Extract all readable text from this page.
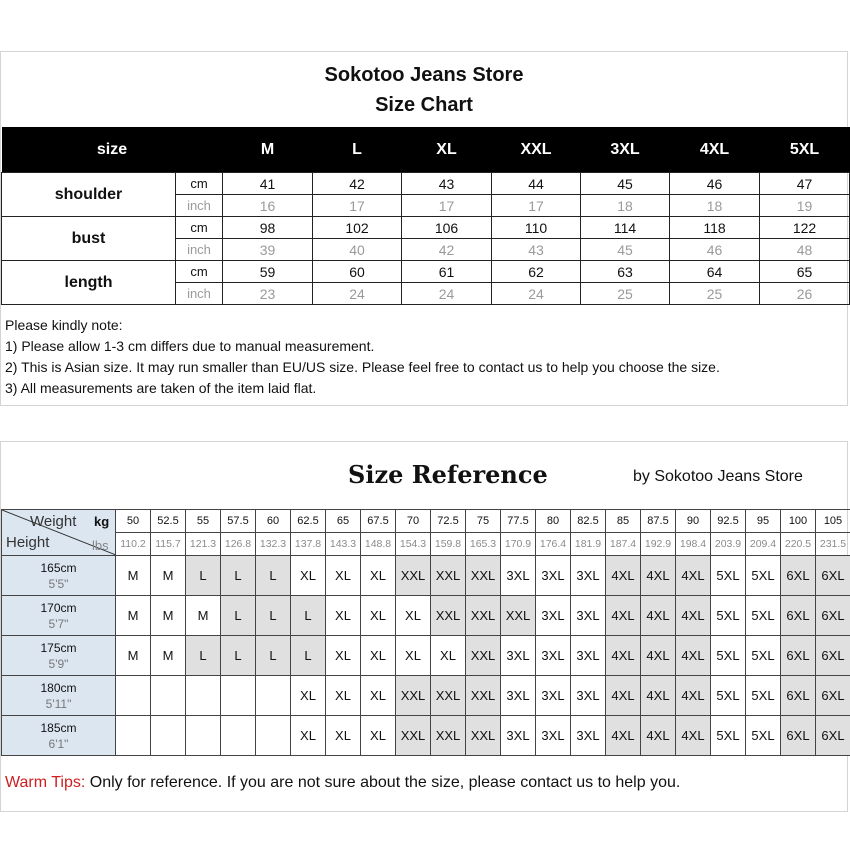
Sokotoo Jeans Store
Size Chart
size		M	L	XL	XXL	3XL	4XL	5XL
shoulder	cm	41	42	43	44	45	46	47
	inch	16	17	17	17	18	18	19
bust	cm	98	102	106	110	114	118	122
	inch	39	40	42	43	45	46	48
length	cm	59	60	61	62	63	64	65
	inch	23	24	24	24	25	25	26
Please kindly note:
1) Please allow 1-3 cm differs due to manual measurement.
2) This is Asian size. It may run smaller than EU/US size. Please feel free to contact us to help you choose the size.
3) All measurements are taken of the item laid flat.
Size Reference	by Sokotoo Jeans Store
Weight kg
Height lbs	50	52.5	55	57.5	60	62.5	65	67.5	70	72.5	75	77.5	80	82.5	85	87.5	90	92.5	95	100	105
	110.2	115.7	121.3	126.8	132.3	137.8	143.3	148.8	154.3	159.8	165.3	170.9	176.4	181.9	187.4	192.9	198.4	203.9	209.4	220.5	231.5

165cm
5'5"	M	M	L	L	L	XL	XL	XL	XXL	XXL	XXL	3XL	3XL	3XL	4XL	4XL	4XL	5XL	5XL	6XL	6XL

170cm
5'7"	M	M	M	L	L	L	XL	XL	XL	XXL	XXL	XXL	3XL	3XL	4XL	4XL	4XL	5XL	5XL	6XL	6XL

175cm
5'9"	M	M	L	L	L	L	XL	XL	XL	XL	XXL	3XL	3XL	3XL	4XL	4XL	4XL	5XL	5XL	6XL	6XL

180cm
5'11"						XL	XL	XL	XXL	XXL	XXL	3XL	3XL	3XL	4XL	4XL	4XL	5XL	5XL	6XL	6XL

185cm
6'1"						XL	XL	XL	XXL	XXL	XXL	3XL	3XL	3XL	4XL	4XL	4XL	5XL	5XL	6XL	6XL
Warm Tips: Only for reference. If you are not sure about the size, please contact us to help you.
